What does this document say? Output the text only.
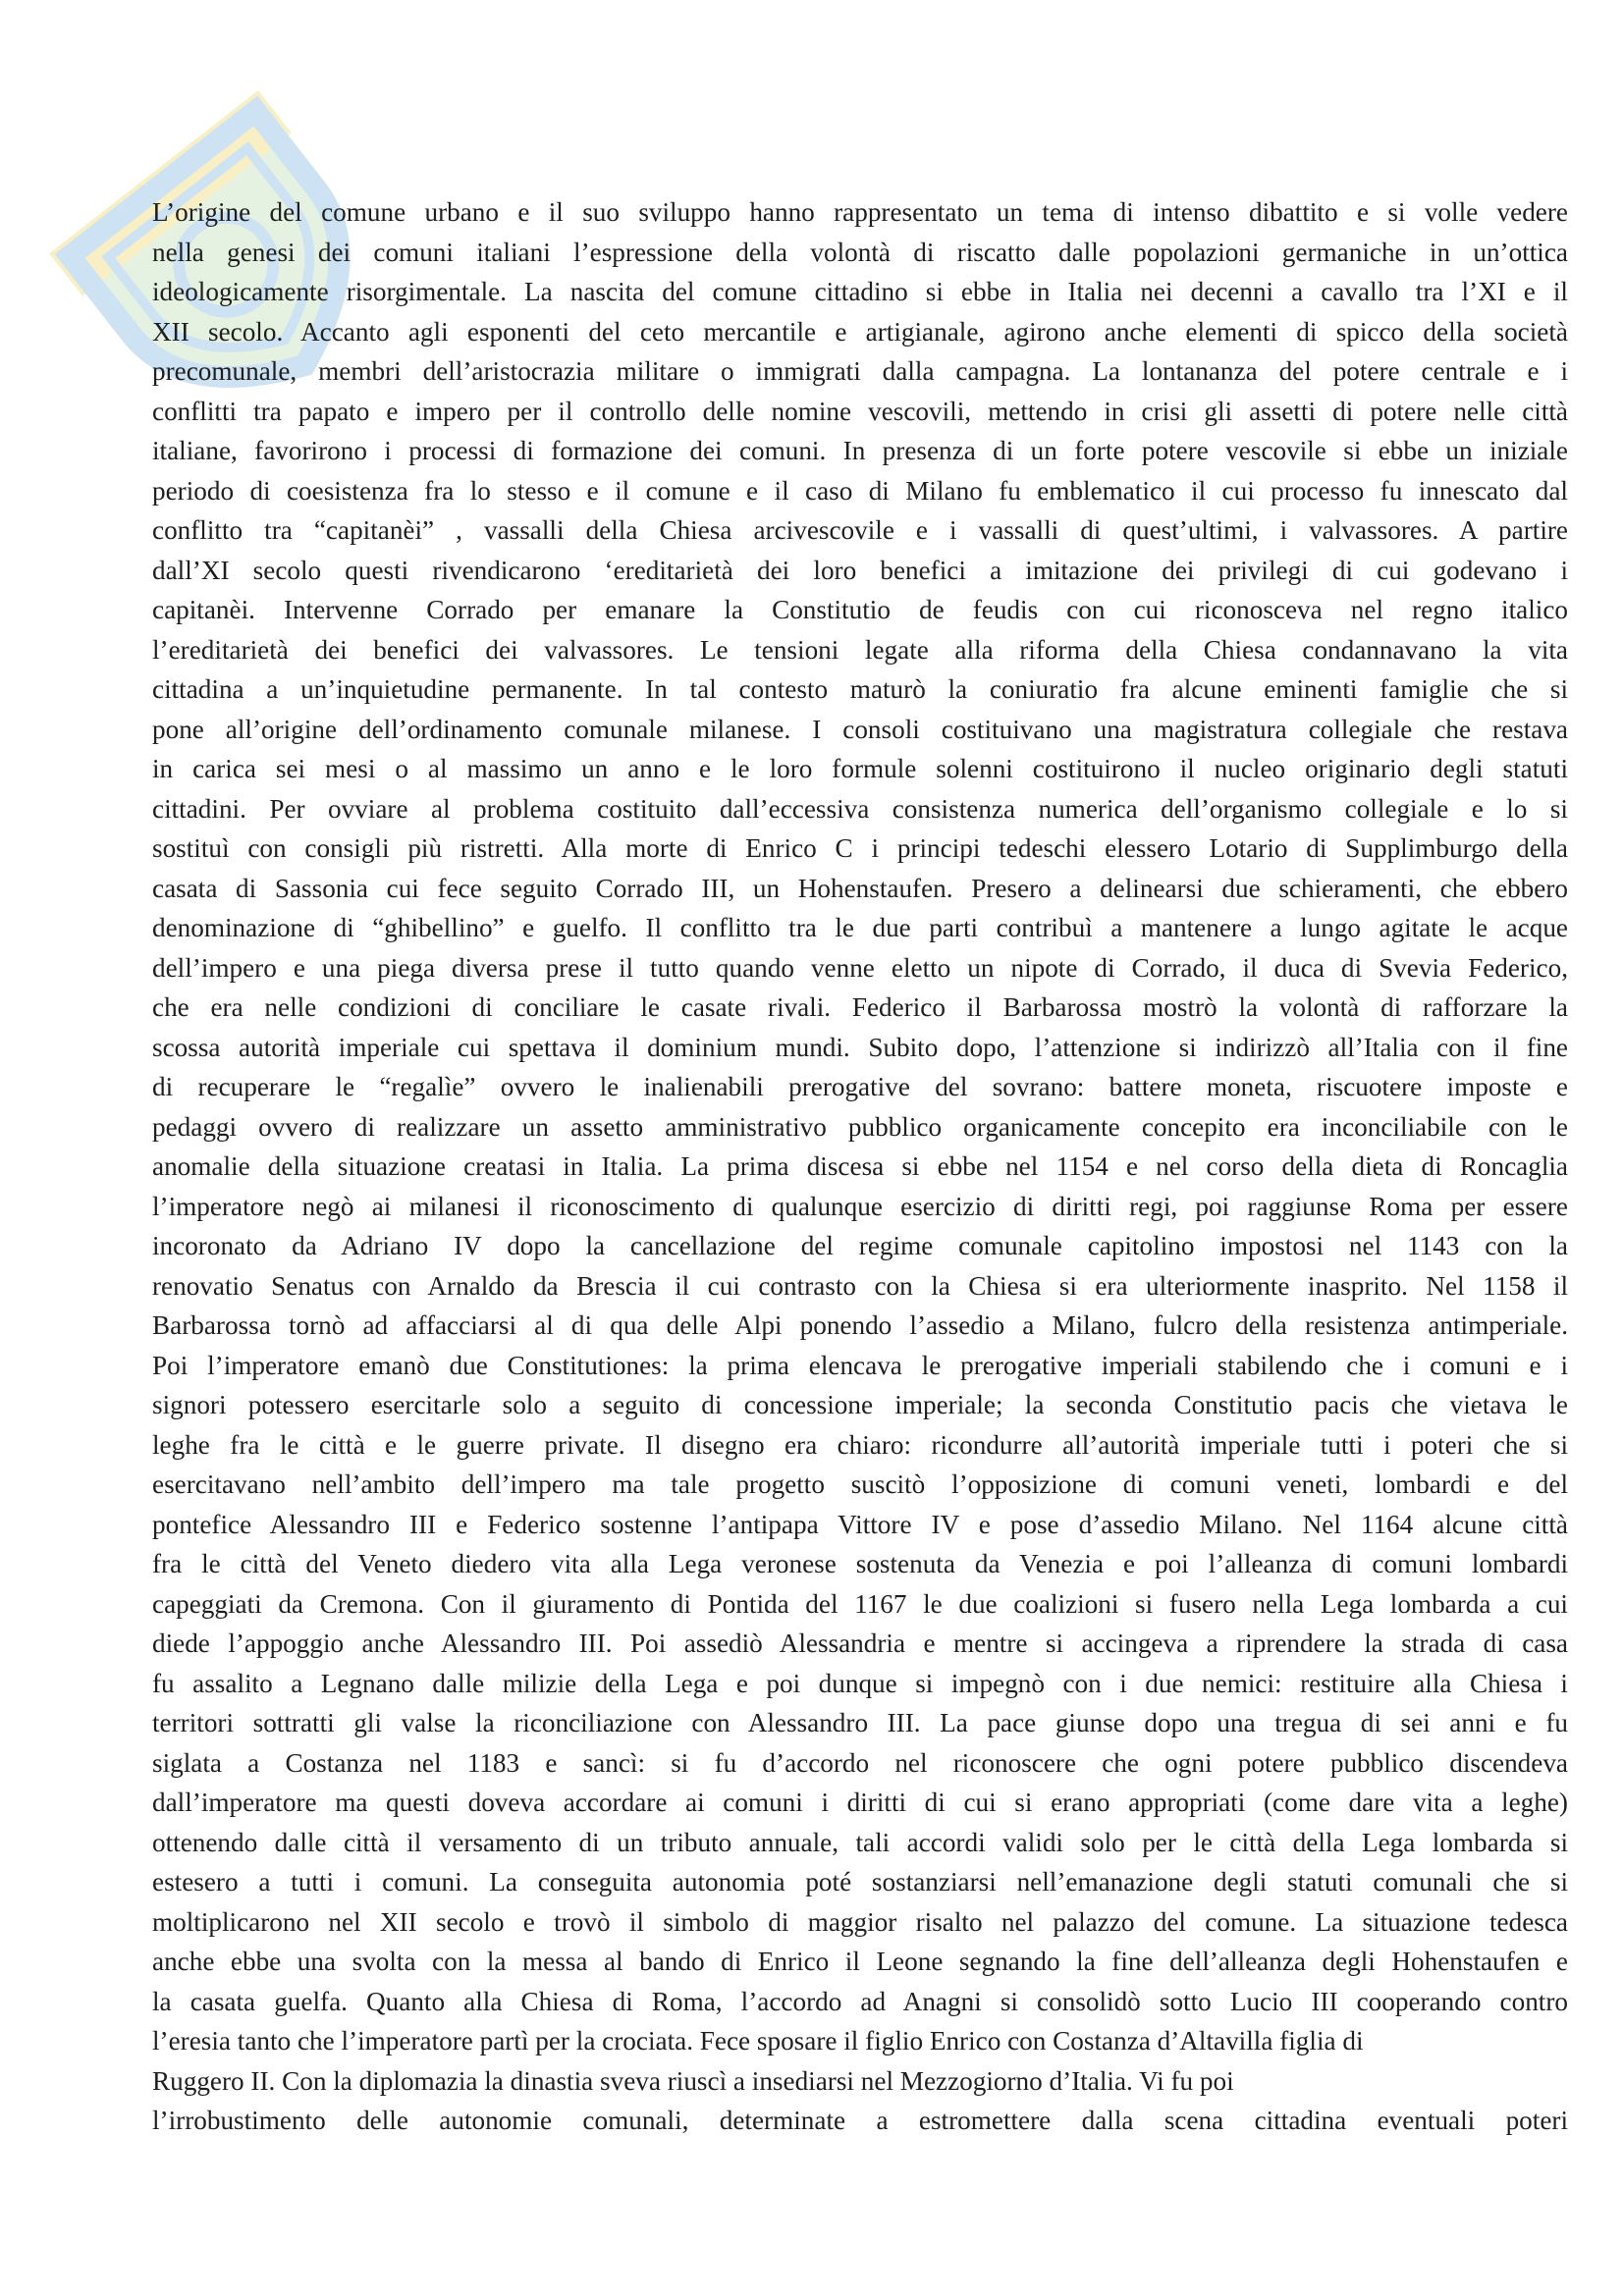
L’origine del comune urbano e il suo sviluppo hanno rappresentato un tema di intenso dibattito e si volle vedere
nella genesi dei comuni italiani l’espressione della volontà di riscatto dalle popolazioni germaniche in un’ottica
ideologicamente risorgimentale. La nascita del comune cittadino si ebbe in Italia nei decenni a cavallo tra l’XI e il
XII secolo. Accanto agli esponenti del ceto mercantile e artigianale, agirono anche elementi di spicco della società
precomunale, membri dell’aristocrazia militare o immigrati dalla campagna. La lontananza del potere centrale e i
conflitti tra papato e impero per il controllo delle nomine vescovili, mettendo in crisi gli assetti di potere nelle città
italiane, favorirono i processi di formazione dei comuni. In presenza di un forte potere vescovile si ebbe un iniziale
periodo di coesistenza fra lo stesso e il comune e il caso di Milano fu emblematico il cui processo fu innescato dal
conflitto tra “capitanèi” , vassalli della Chiesa arcivescovile e i vassalli di quest’ultimi, i valvassores. A partire
dall’XI secolo questi rivendicarono ‘ereditarietà dei loro benefici a imitazione dei privilegi di cui godevano i
capitanèi. Intervenne Corrado per emanare la Constitutio de feudis con cui riconosceva nel regno italico
l’ereditarietà dei benefici dei valvassores. Le tensioni legate alla riforma della Chiesa condannavano la vita
cittadina a un’inquietudine permanente. In tal contesto maturò la coniuratio fra alcune eminenti famiglie che si
pone all’origine dell’ordinamento comunale milanese. I consoli costituivano una magistratura collegiale che restava
in carica sei mesi o al massimo un anno e le loro formule solenni costituirono il nucleo originario degli statuti
cittadini. Per ovviare al problema costituito dall’eccessiva consistenza numerica dell’organismo collegiale e lo si
sostituì con consigli più ristretti. Alla morte di Enrico C i principi tedeschi elessero Lotario di Supplimburgo della
casata di Sassonia cui fece seguito Corrado III, un Hohenstaufen. Presero a delinearsi due schieramenti, che ebbero
denominazione di “ghibellino” e guelfo. Il conflitto tra le due parti contribuì a mantenere a lungo agitate le acque
dell’impero e una piega diversa prese il tutto quando venne eletto un nipote di Corrado, il duca di Svevia Federico,
che era nelle condizioni di conciliare le casate rivali. Federico il Barbarossa mostrò la volontà di rafforzare la
scossa autorità imperiale cui spettava il dominium mundi. Subito dopo, l’attenzione si indirizzò all’Italia con il fine
di recuperare le “regalìe” ovvero le inalienabili prerogative del sovrano: battere moneta, riscuotere imposte e
pedaggi ovvero di realizzare un assetto amministrativo pubblico organicamente concepito era inconciliabile con le
anomalie della situazione creatasi in Italia. La prima discesa si ebbe nel 1154 e nel corso della dieta di Roncaglia
l’imperatore negò ai milanesi il riconoscimento di qualunque esercizio di diritti regi, poi raggiunse Roma per essere
incoronato da Adriano IV dopo la cancellazione del regime comunale capitolino impostosi nel 1143 con la
renovatio Senatus con Arnaldo da Brescia il cui contrasto con la Chiesa si era ulteriormente inasprito. Nel 1158 il
Barbarossa tornò ad affacciarsi al di qua delle Alpi ponendo l’assedio a Milano, fulcro della resistenza antimperiale.
Poi l’imperatore emanò due Constitutiones: la prima elencava le prerogative imperiali stabilendo che i comuni e i
signori potessero esercitarle solo a seguito di concessione imperiale; la seconda Constitutio pacis che vietava le
leghe fra le città e le guerre private. Il disegno era chiaro: ricondurre all’autorità imperiale tutti i poteri che si
esercitavano nell’ambito dell’impero ma tale progetto suscitò l’opposizione di comuni veneti, lombardi e del
pontefice Alessandro III e Federico sostenne l’antipapa Vittore IV e pose d’assedio Milano. Nel 1164 alcune città
fra le città del Veneto diedero vita alla Lega veronese sostenuta da Venezia e poi l’alleanza di comuni lombardi
capeggiati da Cremona. Con il giuramento di Pontida del 1167 le due coalizioni si fusero nella Lega lombarda a cui
diede l’appoggio anche Alessandro III. Poi assediò Alessandria e mentre si accingeva a riprendere la strada di casa
fu assalito a Legnano dalle milizie della Lega e poi dunque si impegnò con i due nemici: restituire alla Chiesa i
territori sottratti gli valse la riconciliazione con Alessandro III. La pace giunse dopo una tregua di sei anni e fu
siglata a Costanza nel 1183 e sancì: si fu d’accordo nel riconoscere che ogni potere pubblico discendeva
dall’imperatore ma questi doveva accordare ai comuni i diritti di cui si erano appropriati (come dare vita a leghe)
ottenendo dalle città il versamento di un tributo annuale, tali accordi validi solo per le città della Lega lombarda si
estesero a tutti i comuni. La conseguita autonomia poté sostanziarsi nell’emanazione degli statuti comunali che si
moltiplicarono nel XII secolo e trovò il simbolo di maggior risalto nel palazzo del comune. La situazione tedesca
anche ebbe una svolta con la messa al bando di Enrico il Leone segnando la fine dell’alleanza degli Hohenstaufen e
la casata guelfa. Quanto alla Chiesa di Roma, l’accordo ad Anagni si consolidò sotto Lucio III cooperando contro
l’eresia tanto che l’imperatore partì per la crociata. Fece sposare il figlio Enrico con Costanza d’Altavilla figlia di
Ruggero II. Con la diplomazia la dinastia sveva riuscì a insediarsi nel Mezzogiorno d’Italia. Vi fu poi
l’irrobustimento delle autonomie comunali, determinate a estromettere dalla scena cittadina eventuali poteri
